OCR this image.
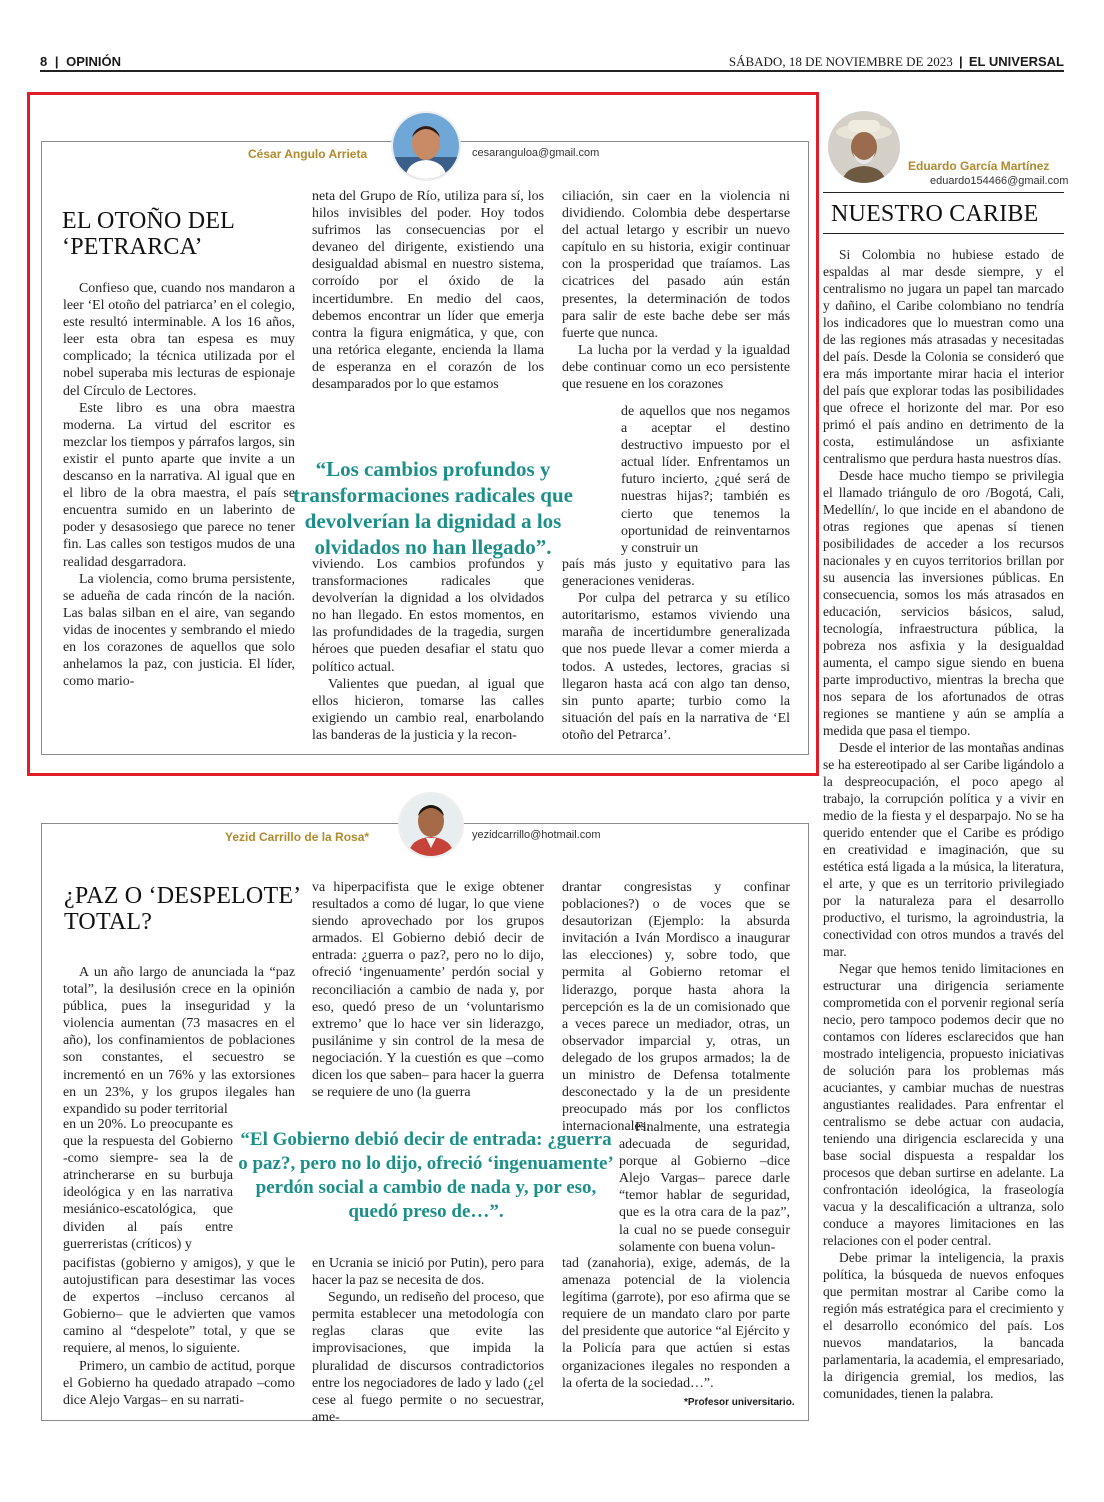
8 | OPINIÓN	SÁBADO, 18 DE NOVIEMBRE DE 2023 | EL UNIVERSAL
César Angulo Arrieta	cesaranguloa@gmail.com
EL OTOÑO DEL
‘PETRARCA’

Confieso que, cuando nos mandaron a leer ‘El otoño del patriarca’ en el colegio, este resultó interminable. A los 16 años, leer esta obra tan espesa es muy complicado; la técnica utilizada por el nobel superaba mis lecturas de espionaje del Círculo de Lectores.

Este libro es una obra maestra moderna. La virtud del escritor es mezclar los tiempos y párrafos largos, sin existir el punto aparte que invite a un descanso en la narrativa. Al igual que en el libro de la obra maestra, el país se encuentra sumido en un laberinto de poder y desasosiego que parece no tener fin. Las calles son testigos mudos de una realidad desgarradora.

La violencia, como bruma persistente, se adueña de cada rincón de la nación. Las balas silban en el aire, van segando vidas de inocentes y sembrando el miedo en los corazones de aquellos que solo anhelamos la paz, con justicia. El líder, como mario-

neta del Grupo de Río, utiliza para sí, los hilos invisibles del poder. Hoy todos sufrimos las consecuencias por el devaneo del dirigente, existiendo una desigualdad abismal en nuestro sistema, corroído por el óxido de la incertidumbre. En medio del caos, debemos encontrar un líder que emerja contra la figura enigmática, y que, con una retórica elegante, encienda la llama de esperanza en el corazón de los desamparados por lo que estamos

“Los cambios profundos y transformaciones radicales que devolverían la dignidad a los olvidados no han llegado”.

viviendo. Los cambios profundos y transformaciones radicales que devolverían la dignidad a los olvidados no han llegado. En estos momentos, en las profundidades de la tragedia, surgen héroes que pueden desafiar el statu quo político actual.

Valientes que puedan, al igual que ellos hicieron, tomarse las calles exigiendo un cambio real, enarbolando las banderas de la justicia y la recon-

ciliación, sin caer en la violencia ni dividiendo. Colombia debe despertarse del actual letargo y escribir un nuevo capítulo en su historia, exigir continuar con la prosperidad que traíamos. Las cicatrices del pasado aún están presentes, la determinación de todos para salir de este bache debe ser más fuerte que nunca.

La lucha por la verdad y la igualdad debe continuar como un eco persistente que resuene en los corazones

de aquellos que nos negamos a aceptar el destino destructivo impuesto por el actual líder. Enfrentamos un futuro incierto, ¿qué será de nuestras hijas?; también es cierto que tenemos la oportunidad de reinventarnos y construir un

país más justo y equitativo para las generaciones venideras.

Por culpa del petrarca y su etílico autoritarismo, estamos viviendo una maraña de incertidumbre generalizada que nos puede llevar a comer mierda a todos. A ustedes, lectores, gracias si llegaron hasta acá con algo tan denso, sin punto aparte; turbio como la situación del país en la narrativa de ‘El otoño del Petrarca’.

Yezid Carrillo de la Rosa*	yezidcarrillo@hotmail.com
¿PAZ O ‘DESPELOTE’
TOTAL?

A un año largo de anunciada la “paz total”, la desilusión crece en la opinión pública, pues la inseguridad y la violencia aumentan (73 masacres en el año), los confinamientos de poblaciones son constantes, el secuestro se incrementó en un 76% y las extorsiones en un 23%, y los grupos ilegales han expandido su poder territorial

en un 20%. Lo preocupante es que la respuesta del Gobierno -como siempre- sea la de atrincherarse en su burbuja ideológica y en las narrativa mesiánico-escatológica, que dividen al país entre guerreristas (críticos) y

pacifistas (gobierno y amigos), y que le autojustifican para desestimar las voces de expertos –incluso cercanos al Gobierno– que le advierten que vamos camino al “despelote” total, y que se requiere, al menos, lo siguiente.

Primero, un cambio de actitud, porque el Gobierno ha quedado atrapado –como dice Alejo Vargas– en su narrati-

va hiperpacifista que le exige obtener resultados a como dé lugar, lo que viene siendo aprovechado por los grupos armados. El Gobierno debió decir de entrada: ¿guerra o paz?, pero no lo dijo, ofreció ‘ingenuamente’ perdón social y reconciliación a cambio de nada y, por eso, quedó preso de un ‘voluntarismo extremo’ que lo hace ver sin liderazgo, pusilánime y sin control de la mesa de negociación. Y la cuestión es que –como dicen los que saben– para hacer la guerra se requiere de uno (la guerra

“El Gobierno debió decir de entrada: ¿guerra o paz?, pero no lo dijo, ofreció ‘ingenuamente’ perdón social a cambio de nada y, por eso, quedó preso de…”.

en Ucrania se inició por Putin), pero para hacer la paz se necesita de dos.

Segundo, un rediseño del proceso, que permita establecer una metodología con reglas claras que evite las improvisaciones, que impida la pluralidad de discursos contradictorios entre los negociadores de lado y lado (¿el cese al fuego permite o no secuestrar, ame-

drantar congresistas y confinar poblaciones?) o de voces que se desautorizan (Ejemplo: la absurda invitación a Iván Mordisco a inaugurar las elecciones) y, sobre todo, que permita al Gobierno retomar el liderazgo, porque hasta ahora la percepción es la de un comisionado que a veces parece un mediador, otras, un observador imparcial y, otras, un delegado de los grupos armados; la de un ministro de Defensa totalmente desconectado y la de un presidente preocupado más por los conflictos internacionales.

Finalmente, una estrategia adecuada de seguridad, porque al Gobierno –dice Alejo Vargas– parece darle “temor hablar de seguridad, que es la otra cara de la paz”, la cual no se puede conseguir solamente con buena volun-

tad (zanahoria), exige, además, de la amenaza potencial de la violencia legítima (garrote), por eso afirma que se requiere de un mandato claro por parte del presidente que autorice “al Ejército y la Policía para que actúen si estas organizaciones ilegales no responden a la oferta de la sociedad…”.

*Profesor universitario.
Eduardo García Martínez
eduardo154466@gmail.com
NUESTRO CARIBE

Si Colombia no hubiese estado de espaldas al mar desde siempre, y el centralismo no jugara un papel tan marcado y dañino, el Caribe colombiano no tendría los indicadores que lo muestran como una de las regiones más atrasadas y necesitadas del país. Desde la Colonia se consideró que era más importante mirar hacia el interior del país que explorar todas las posibilidades que ofrece el horizonte del mar. Por eso primó el país andino en detrimento de la costa, estimulándose un asfixiante centralismo que perdura hasta nuestros días.

Desde hace mucho tiempo se privilegia el llamado triángulo de oro /Bogotá, Cali, Medellín/, lo que incide en el abandono de otras regiones que apenas sí tienen posibilidades de acceder a los recursos nacionales y en cuyos territorios brillan por su ausencia las inversiones públicas. En consecuencia, somos los más atrasados en educación, servicios básicos, salud, tecnología, infraestructura pública, la pobreza nos asfixia y la desigualdad aumenta, el campo sigue siendo en buena parte improductivo, mientras la brecha que nos separa de los afortunados de otras regiones se mantiene y aún se amplía a medida que pasa el tiempo.

Desde el interior de las montañas andinas se ha estereotipado al ser Caribe ligándolo a la despreocupación, el poco apego al trabajo, la corrupción política y a vivir en medio de la fiesta y el desparpajo. No se ha querido entender que el Caribe es pródigo en creatividad e imaginación, que su estética está ligada a la música, la literatura, el arte, y que es un territorio privilegiado por la naturaleza para el desarrollo productivo, el turismo, la agroindustria, la conectividad con otros mundos a través del mar.

Negar que hemos tenido limitaciones en estructurar una dirigencia seriamente comprometida con el porvenir regional sería necio, pero tampoco podemos decir que no contamos con líderes esclarecidos que han mostrado inteligencia, propuesto iniciativas de solución para los problemas más acuciantes, y cambiar muchas de nuestras angustiantes realidades. Para enfrentar el centralismo se debe actuar con audacia, teniendo una dirigencia esclarecida y una base social dispuesta a respaldar los procesos que deban surtirse en adelante. La confrontación ideológica, la fraseología vacua y la descalificación a ultranza, solo conduce a mayores limitaciones en las relaciones con el poder central.

Debe primar la inteligencia, la praxis política, la búsqueda de nuevos enfoques que permitan mostrar al Caribe como la región más estratégica para el crecimiento y el desarrollo económico del país. Los nuevos mandatarios, la bancada parlamentaria, la academia, el empresariado, la dirigencia gremial, los medios, las comunidades, tienen la palabra.
